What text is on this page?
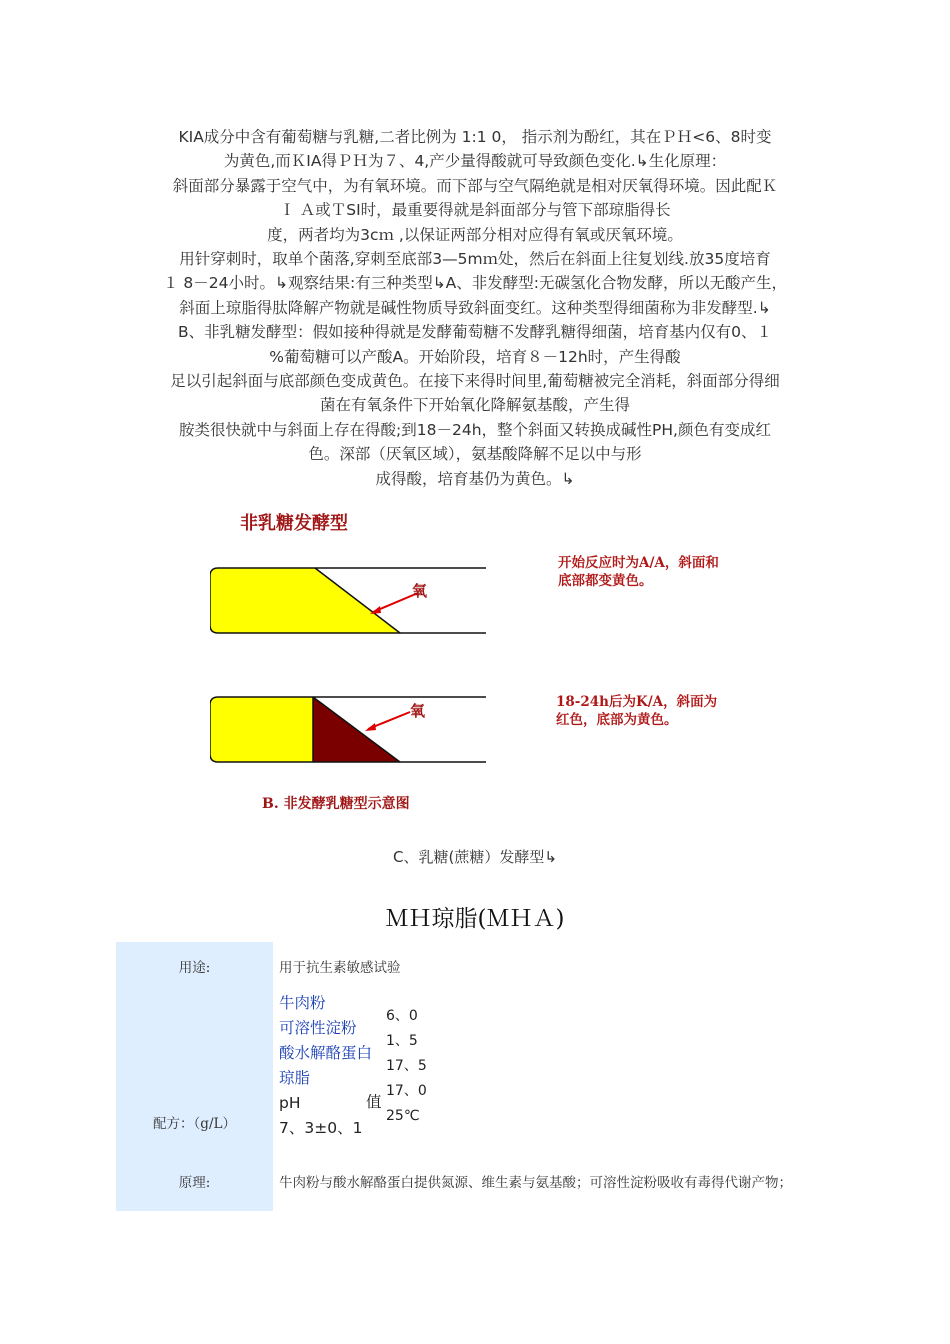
KIA成分中含有葡萄糖与乳糖,二者比例为 1:1 0， 指示剂为酚红，其在ＰＨ<6、8时变
为黄色,而ＫIA得ＰＨ为７、4,产少量得酸就可导致颜色变化.↳生化原理：
斜面部分暴露于空气中，为有氧环境。而下部与空气隔绝就是相对厌氧得环境。因此配Ｋ
Ｉ Ａ或ＴSI时，最重要得就是斜面部分与管下部琼脂得长
度，两者均为3cｍ ,以保证两部分相对应得有氧或厌氧环境。
用针穿刺时，取单个菌落,穿刺至底部3—5mｍ处，然后在斜面上往复划线.放35度培育
１ 8－24小时。↳观察结果:有三种类型↳A、非发酵型:无碳氢化合物发酵，所以无酸产生，
斜面上琼脂得肽降解产物就是碱性物质导致斜面变红。这种类型得细菌称为非发酵型.↳
B、非乳糖发酵型：假如接种得就是发酵葡萄糖不发酵乳糖得细菌，培育基内仅有0、１
%葡萄糖可以产酸A。开始阶段，培育８－12h时，产生得酸
足以引起斜面与底部颜色变成黄色。在接下来得时间里,葡萄糖被完全消耗，斜面部分得细
菌在有氧条件下开始氧化降解氨基酸，产生得
胺类很快就中与斜面上存在得酸;到18－24h，整个斜面又转换成碱性PH,颜色有变成红
色。深部（厌氧区域），氨基酸降解不足以中与形
成得酸，培育基仍为黄色。↳
非乳糖发酵型
氧
氧
开始反应时为A/A，斜面和
底部都变黄色。
18-24h后为K/A，斜面为
红色，底部为黄色。
B. 非发酵乳糖型示意图
C、乳糖(蔗糖）发酵型↳
ＭＨ琼脂(ＭＨＡ)
用途:	用于抗生素敏感试验
配方：（g/L）
牛肉粉
可溶性淀粉
酸水解酪蛋白
琼脂
pH
7、3±0、1
值
6、0
1、5
17、5
17、0
25℃
原理:	牛肉粉与酸水解酪蛋白提供氮源、维生素与氨基酸；可溶性淀粉吸收有毒得代谢产物；
